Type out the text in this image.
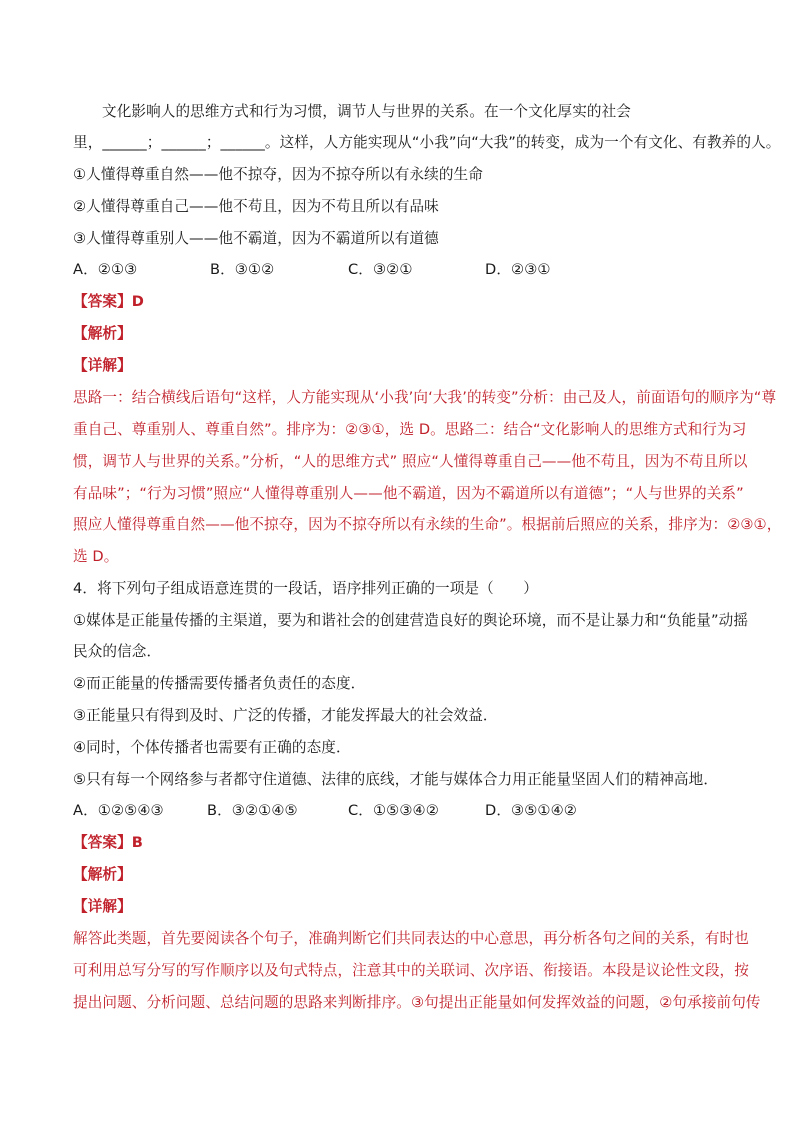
文化影响人的思维方式和行为习惯，调节人与世界的关系。在一个文化厚实的社会
里，______；______；______。这样，人方能实现从“小我”向“大我”的转变，成为一个有文化、有教养的人。
①人懂得尊重自然——他不掠夺，因为不掠夺所以有永续的生命
②人懂得尊重自己——他不苟且，因为不苟且所以有品味
③人懂得尊重别人——他不霸道，因为不霸道所以有道德
A．②①③	B．③①②	C．③②①	D．②③①
【答案】D
【解析】
【详解】
思路一：结合横线后语句“这样，人方能实现从‘小我’向‘大我’的转变”分析：由己及人，前面语句的顺序为“尊
重自己、尊重别人、尊重自然”。排序为：②③①，选 D。思路二：结合“文化影响人的思维方式和行为习
惯，调节人与世界的关系。”分析，“人的思维方式” 照应“人懂得尊重自己——他不苟且，因为不苟且所以
有品味”；“行为习惯”照应“人懂得尊重别人——他不霸道，因为不霸道所以有道德”；“人与世界的关系”
照应人懂得尊重自然——他不掠夺，因为不掠夺所以有永续的生命”。根据前后照应的关系，排序为：②③①，
选 D。
4．将下列句子组成语意连贯的一段话，语序排列正确的一项是（　　）
①媒体是正能量传播的主渠道，要为和谐社会的创建营造良好的舆论环境，而不是让暴力和“负能量”动摇
民众的信念．
②而正能量的传播需要传播者负责任的态度．
③正能量只有得到及时、广泛的传播，才能发挥最大的社会效益．
④同时，个体传播者也需要有正确的态度．
⑤只有每一个网络参与者都守住道德、法律的底线，才能与媒体合力用正能量坚固人们的精神高地．
A．①②⑤④③	B．③②①④⑤	C．①⑤③④②	D．③⑤①④②
【答案】B
【解析】
【详解】
解答此类题，首先要阅读各个句子，准确判断它们共同表达的中心意思，再分析各句之间的关系，有时也
可利用总写分写的写作顺序以及句式特点，注意其中的关联词、次序语、衔接语。本段是议论性文段，按
提出问题、分析问题、总结问题的思路来判断排序。③句提出正能量如何发挥效益的问题，②句承接前句传
